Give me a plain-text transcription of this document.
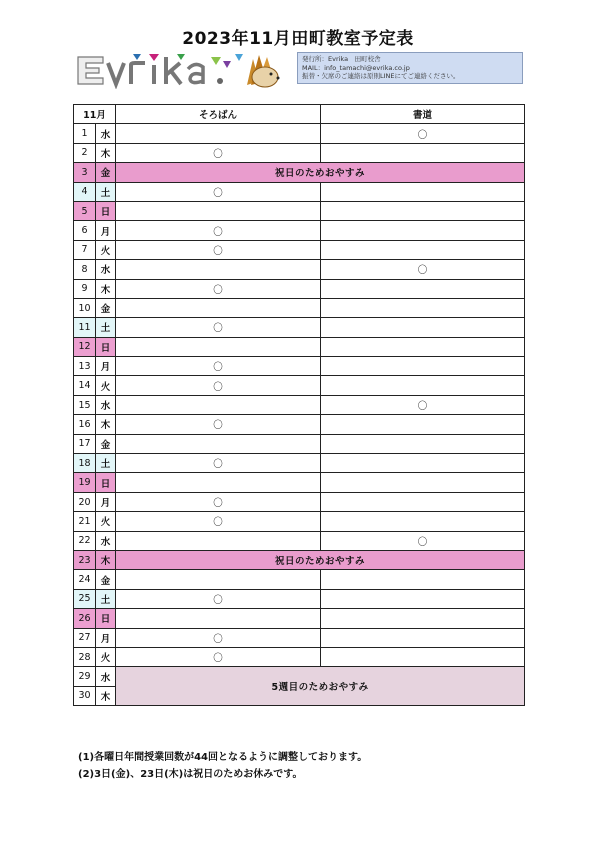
2023年11月田町教室予定表
発行所：Evrika　田町校舎
MAIL：info_tamachi@evrika.co.jp
振替・欠席のご連絡は原則LINEにてご連絡ください。
11月		そろばん	書道
1	水		〇
2	木	〇	
3	金	祝日のためおやすみ	
4	土	〇	
5	日		
6	月	〇	
7	火	〇	
8	水		〇
9	木	〇	
10	金		
11	土	〇	
12	日		
13	月	〇	
14	火	〇	
15	水		〇
16	木	〇	
17	金		
18	土	〇	
19	日		
20	月	〇	
21	火	〇	
22	水		〇
23	木	祝日のためおやすみ	
24	金		
25	土	〇	
26	日		
27	月	〇	
28	火	〇	
29	水	5週目のためおやすみ	
30	木		
(1)各曜日年間授業回数が44回となるように調整しております。
(2)3日(金)、23日(木)は祝日のためお休みです。
